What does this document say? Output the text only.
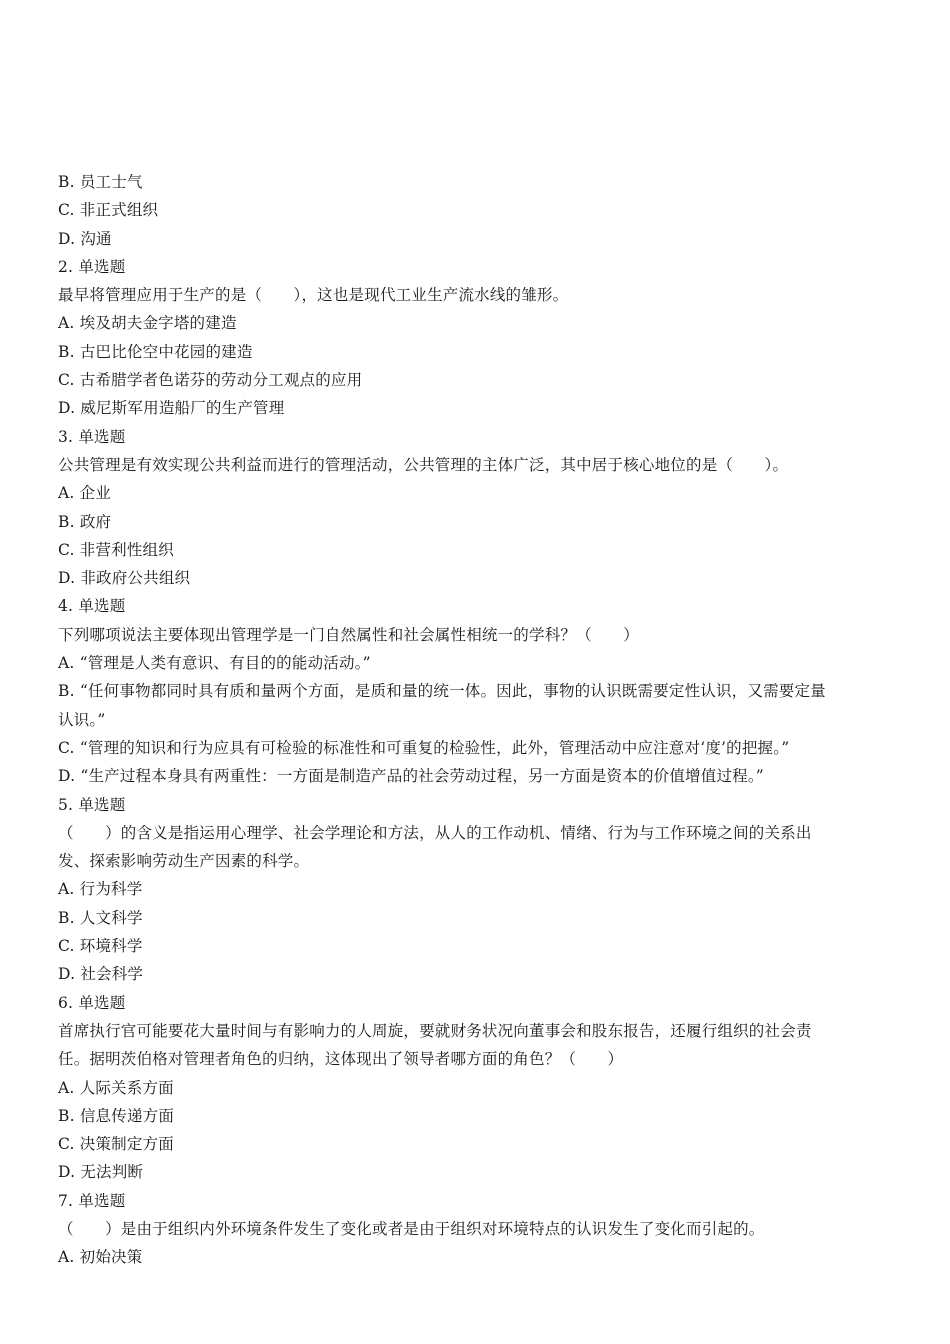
B. 员工士气
C. 非正式组织
D. 沟通
2. 单选题
最早将管理应用于生产的是（　　），这也是现代工业生产流水线的雏形。
A. 埃及胡夫金字塔的建造
B. 古巴比伦空中花园的建造
C. 古希腊学者色诺芬的劳动分工观点的应用
D. 威尼斯军用造船厂的生产管理
3. 单选题
公共管理是有效实现公共利益而进行的管理活动，公共管理的主体广泛，其中居于核心地位的是（　　）。
A. 企业
B. 政府
C. 非营利性组织
D. 非政府公共组织
4. 单选题
下列哪项说法主要体现出管理学是一门自然属性和社会属性相统一的学科？（　　）
A. “管理是人类有意识、有目的的能动活动。”
B. “任何事物都同时具有质和量两个方面，是质和量的统一体。因此，事物的认识既需要定性认识，又需要定量
认识。”
C. “管理的知识和行为应具有可检验的标准性和可重复的检验性，此外，管理活动中应注意对‘度’的把握。”
D. “生产过程本身具有两重性：一方面是制造产品的社会劳动过程，另一方面是资本的价值增值过程。”
5. 单选题
（　　）的含义是指运用心理学、社会学理论和方法，从人的工作动机、情绪、行为与工作环境之间的关系出
发、探索影响劳动生产因素的科学。
A. 行为科学
B. 人文科学
C. 环境科学
D. 社会科学
6. 单选题
首席执行官可能要花大量时间与有影响力的人周旋，要就财务状况向董事会和股东报告，还履行组织的社会责
任。据明茨伯格对管理者角色的归纳，这体现出了领导者哪方面的角色？（　　）
A. 人际关系方面
B. 信息传递方面
C. 决策制定方面
D. 无法判断
7. 单选题
（　　）是由于组织内外环境条件发生了变化或者是由于组织对环境特点的认识发生了变化而引起的。
A. 初始决策
